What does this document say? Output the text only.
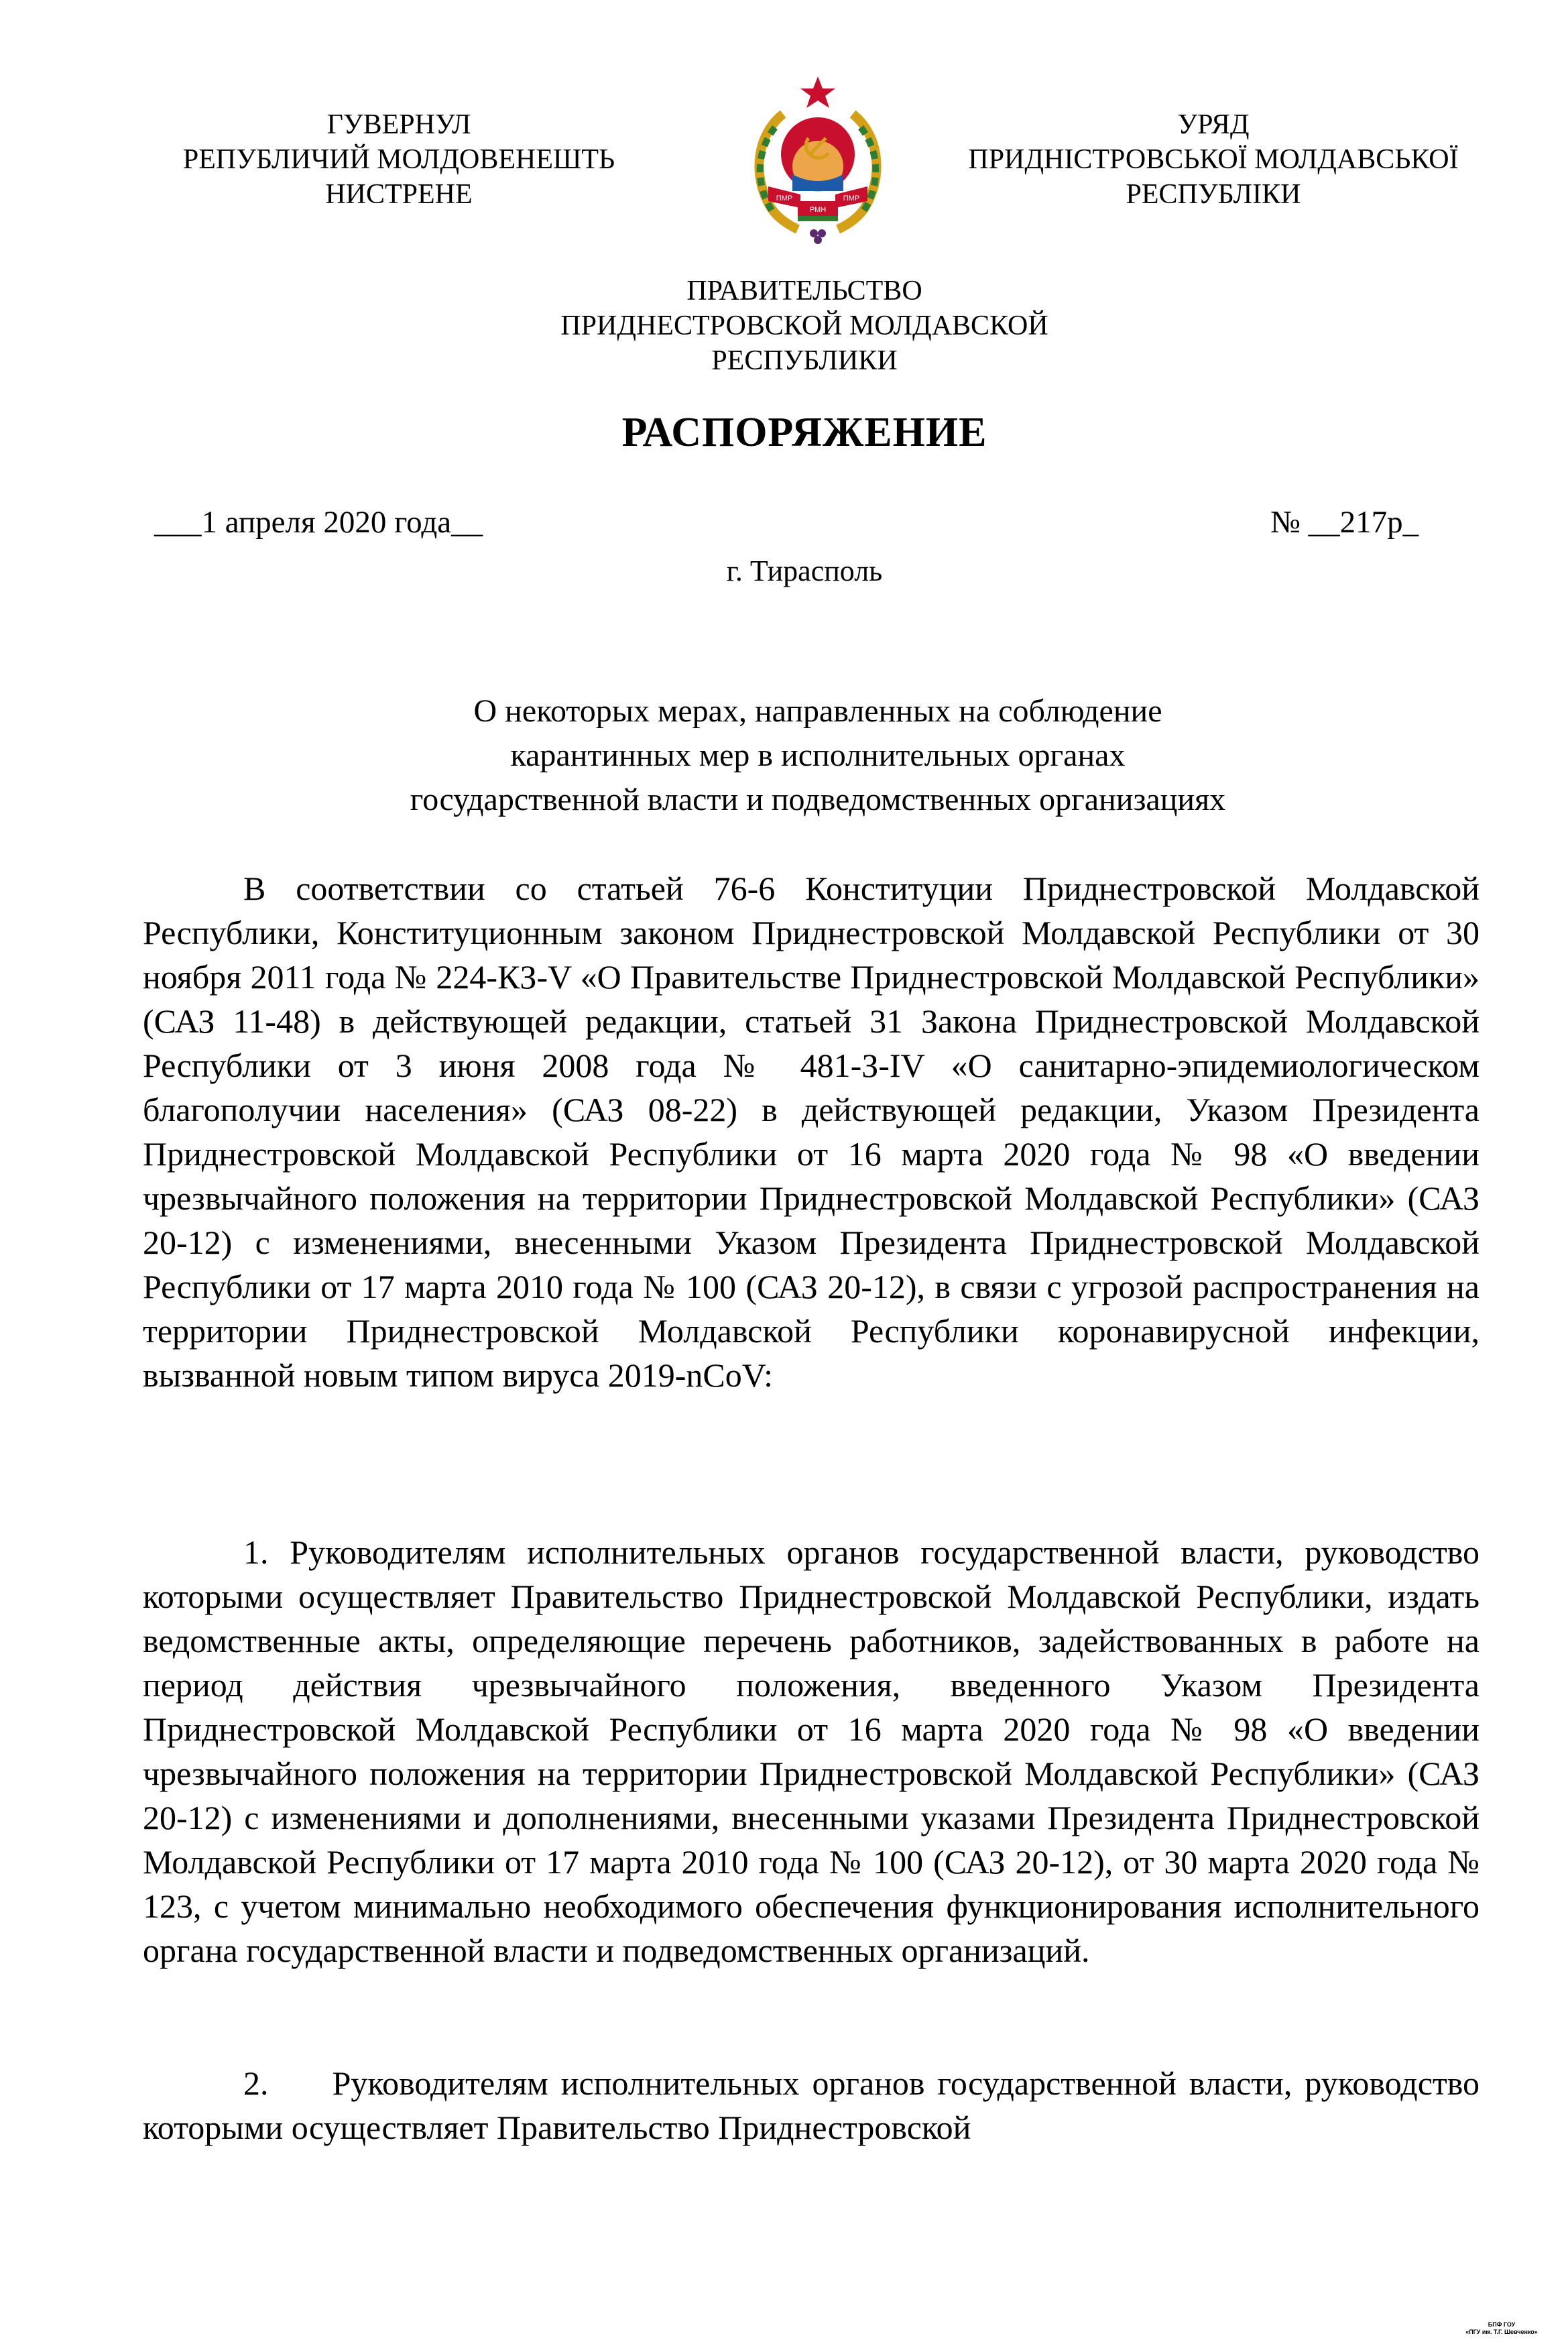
ГУВЕРНУЛ
РЕПУБЛИЧИЙ МОЛДОВЕНЕШТЬ
НИСТРЕНЕ	ПМР
РМН
ПМР
УРЯД
ПРИДНІСТРОВСЬКОЇ МОЛДАВСЬКОЇ
РЕСПУБЛІКИ
ПРАВИТЕЛЬСТВО
ПРИДНЕСТРОВСКОЙ МОЛДАВСКОЙ
РЕСПУБЛИКИ
РАСПОРЯЖЕНИЕ
___1 апреля 2020 года__	№ __217р_
г. Тирасполь
О некоторых мерах, направленных на соблюдение
карантинных мер в исполнительных органах
государственной власти и подведомственных организациях

В соответствии со статьей 76-6 Конституции Приднестровской Молдавской Республики, Конституционным законом Приднестровской Молдавской Республики от 30 ноября 2011 года № 224-КЗ-V «О Правительстве Приднестровской Молдавской Республики» (САЗ 11-48) в действующей редакции, статьей 31 Закона Приднестровской Молдавской Республики от 3 июня 2008 года № 481-З-IV «О санитарно-эпидемиологическом благополучии населения» (САЗ 08-22) в действующей редакции, Указом Президента Приднестровской Молдавской Республики от 16 марта 2020 года № 98 «О введении чрезвычайного положения на территории Приднестровской Молдавской Республики» (САЗ 20-12) с изменениями, внесенными Указом Президента Приднестровской Молдавской Республики от 17 марта 2010 года № 100 (САЗ 20-12), в связи с угрозой распространения на территории Приднестровской Молдавской Республики коронавирусной инфекции, вызванной новым типом вируса 2019-nCoV:

1. Руководителям исполнительных органов государственной власти, руководство которыми осуществляет Правительство Приднестровской Молдавской Республики, издать ведомственные акты, определяющие перечень работников, задействованных в работе на период действия чрезвычайного положения, введенного Указом Президента Приднестровской Молдавской Республики от 16 марта 2020 года № 98 «О введении чрезвычайного положения на территории Приднестровской Молдавской Республики» (САЗ 20-12) с изменениями и дополнениями, внесенными указами Президента Приднестровской Молдавской Республики от 17 марта 2010 года № 100 (САЗ 20-12), от 30 марта 2020 года № 123, с учетом минимально необходимого обеспечения функционирования исполнительного органа государственной власти и подведомственных организаций.

2.     Руководителям исполнительных органов государственной власти, руководство которыми осуществляет Правительство Приднестровской

БПФ ГОУ
«ПГУ им. Т.Г. Шевченко»
